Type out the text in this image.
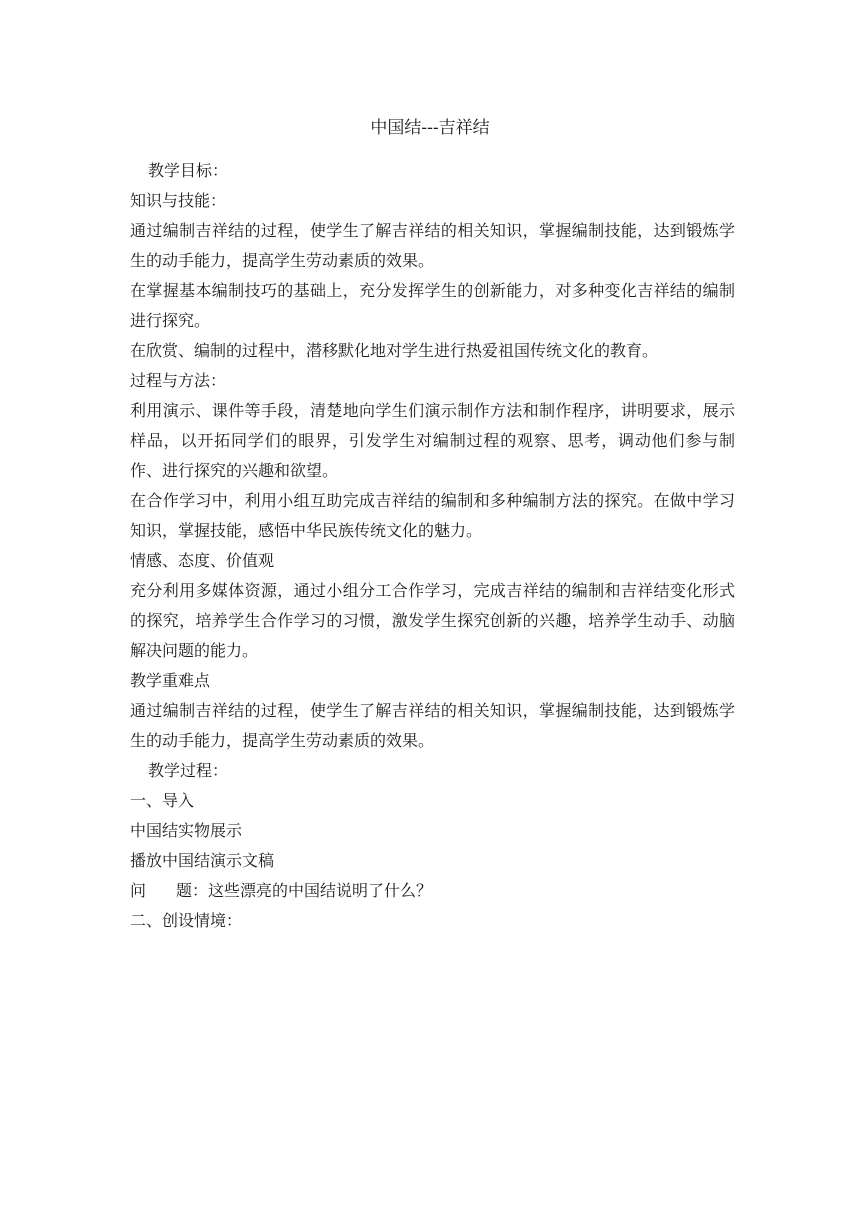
中国结---吉祥结

教学目标：

知识与技能：

通过编制吉祥结的过程，使学生了解吉祥结的相关知识，掌握编制技能，达到锻炼学生的动手能力，提高学生劳动素质的效果。

在掌握基本编制技巧的基础上，充分发挥学生的创新能力，对多种变化吉祥结的编制进行探究。

在欣赏、编制的过程中，潜移默化地对学生进行热爱祖国传统文化的教育。

过程与方法：

利用演示、课件等手段，清楚地向学生们演示制作方法和制作程序，讲明要求，展示样品，以开拓同学们的眼界，引发学生对编制过程的观察、思考，调动他们参与制作、进行探究的兴趣和欲望。

在合作学习中，利用小组互助完成吉祥结的编制和多种编制方法的探究。在做中学习知识，掌握技能，感悟中华民族传统文化的魅力。

情感、态度、价值观

充分利用多媒体资源，通过小组分工合作学习，完成吉祥结的编制和吉祥结变化形式的探究，培养学生合作学习的习惯，激发学生探究创新的兴趣，培养学生动手、动脑解决问题的能力。

教学重难点

通过编制吉祥结的过程，使学生了解吉祥结的相关知识，掌握编制技能，达到锻炼学生的动手能力，提高学生劳动素质的效果。

教学过程：

一、导入

中国结实物展示

播放中国结演示文稿

问 题：这些漂亮的中国结说明了什么？

二、创设情境：
